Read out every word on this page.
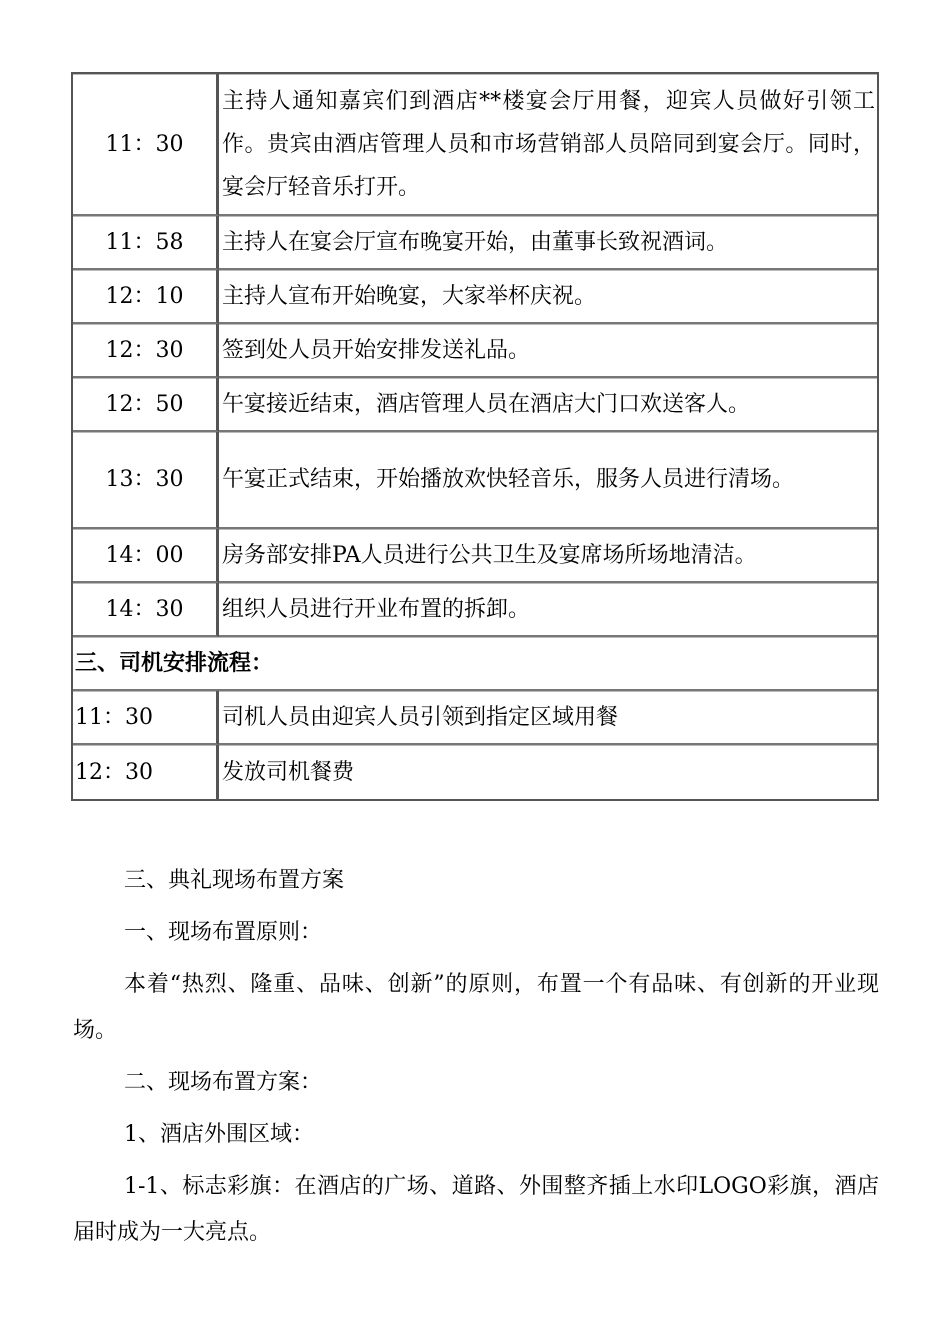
11：30	主持人通知嘉宾们到酒店**楼宴会厅用餐，迎宾人员做好引领工作。贵宾由酒店管理人员和市场营销部人员陪同到宴会厅。同时，宴会厅轻音乐打开。
11：58	主持人在宴会厅宣布晚宴开始，由董事长致祝酒词。
12：10	主持人宣布开始晚宴，大家举杯庆祝。
12：30	签到处人员开始安排发送礼品。
12：50	午宴接近结束，酒店管理人员在酒店大门口欢送客人。
13：30	午宴正式结束，开始播放欢快轻音乐，服务人员进行清场。
14：00	房务部安排PA人员进行公共卫生及宴席场所场地清洁。
14：30	组织人员进行开业布置的拆卸。
三、司机安排流程：	
11：30	司机人员由迎宾人员引领到指定区域用餐
12：30	发放司机餐费

三、典礼现场布置方案

一、现场布置原则：

本着“热烈、隆重、品味、创新”的原则，布置一个有品味、有创新的开业现场。

二、现场布置方案：

1、酒店外围区域：

1-1、标志彩旗：在酒店的广场、道路、外围整齐插上水印LOGO彩旗，酒店届时成为一大亮点。
